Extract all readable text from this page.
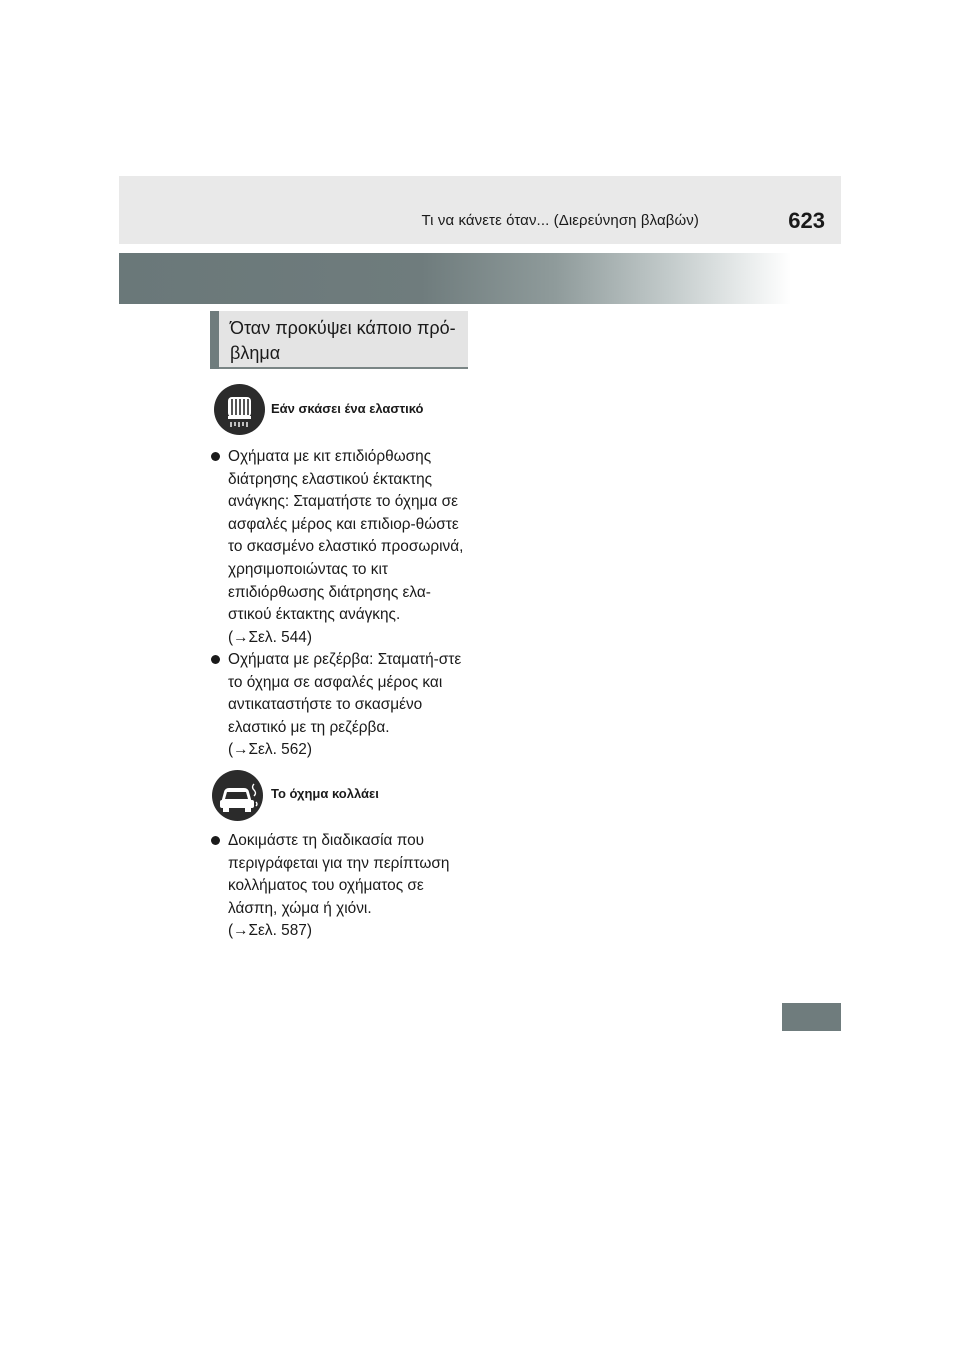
Τι να κάνετε όταν... (Διερεύνηση βλαβών)	623
Όταν προκύψει κάποιο πρό-βλημα
Εάν σκάσει ένα ελαστικό
Οχήματα με κιτ επιδιόρθωσης διάτρησης ελαστικού έκτακτης ανάγκης: Σταματήστε το όχημα σε ασφαλές μέρος και επιδιορ-θώστε το σκασμένο ελαστικό προσωρινά, χρησιμοποιώντας το κιτ επιδιόρθωσης διάτρησης ελα-στικού έκτακτης ανάγκης.
(→Σελ. 544)
Οχήματα με ρεζέρβα: Σταματή-στε το όχημα σε ασφαλές μέρος και αντικαταστήστε το σκασμένο ελαστικό με τη ρεζέρβα.
(→Σελ. 562)
Το όχημα κολλάει
Δοκιμάστε τη διαδικασία που περιγράφεται για την περίπτωση κολλήματος του οχήματος σε λάσπη, χώμα ή χιόνι.
(→Σελ. 587)
